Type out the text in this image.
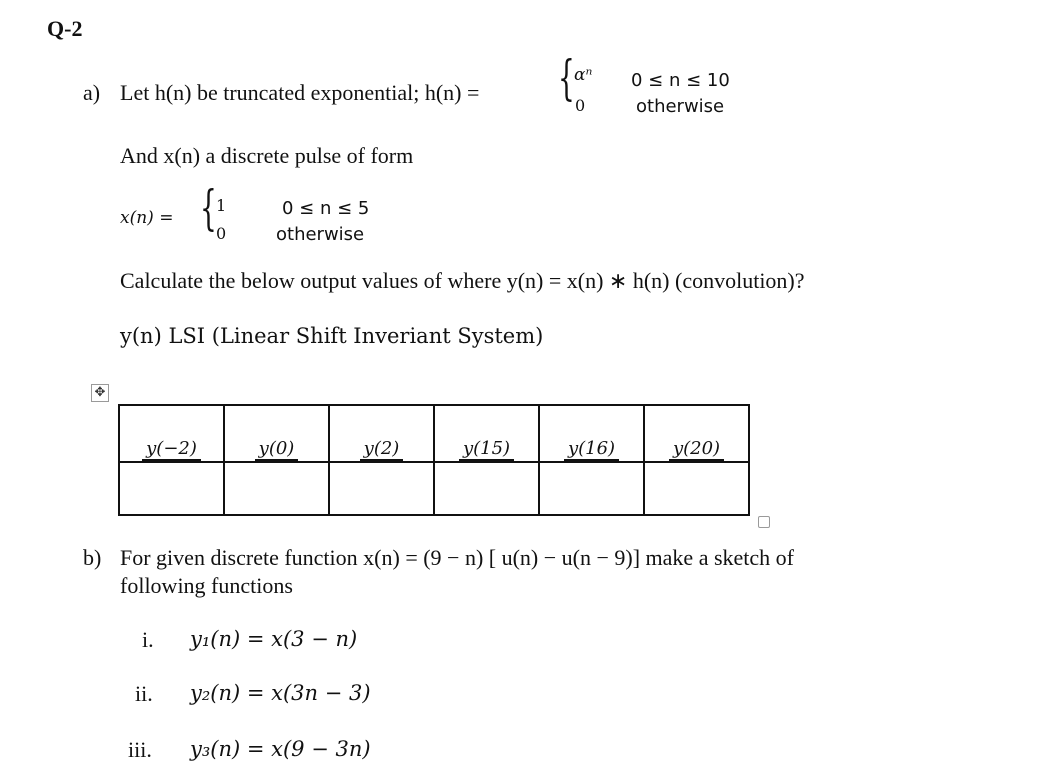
Q-2
a) Let h(n) be truncated exponential; h(n) = { αⁿ
0
0 ≤ n ≤ 10
otherwise
And x(n) a discrete pulse of form
x(n) = { 1
0
0 ≤ n ≤ 5
otherwise
Calculate the below output values of where y(n) = x(n) ∗ h(n) (convolution)?
y(n) LSI (Linear Shift Inveriant System)
✥
y(−2)	y(0)	y(2)	y(15)	y(16)	y(20)

b) For given discrete function x(n) = (9 − n) [ u(n) − u(n − 9)] make a sketch of
following functions
i. y₁(n) = x(3 − n)
ii. y₂(n) = x(3n − 3)
iii. y₃(n) = x(9 − 3n)
